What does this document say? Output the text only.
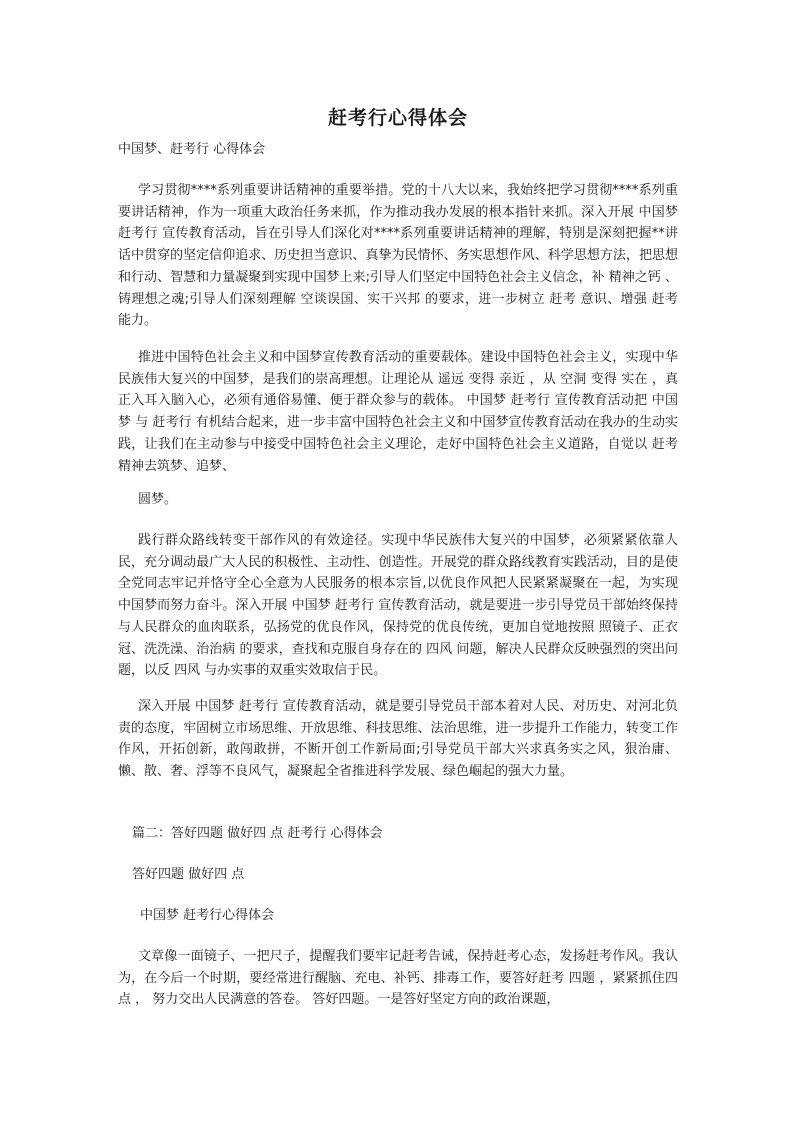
赶考行心得体会

中国梦、赶考行 心得体会

学习贯彻****系列重要讲话精神的重要举措。党的十八大以来，我始终把学习贯彻****系列重要讲话精神，作为一项重大政治任务来抓，作为推动我办发展的根本指针来抓。深入开展 中国梦 赶考行 宣传教育活动，旨在引导人们深化对****系列重要讲话精神的理解，特别是深刻把握**讲话中贯穿的坚定信仰追求、历史担当意识、真挚为民情怀、务实思想作风、科学思想方法，把思想和行动、智慧和力量凝聚到实现中国梦上来;引导人们坚定中国特色社会主义信念，补 精神之钙 、铸理想之魂;引导人们深刻理解 空谈误国、实干兴邦 的要求，进一步树立 赶考 意识、增强 赶考 能力。

推进中国特色社会主义和中国梦宣传教育活动的重要载体。建设中国特色社会主义，实现中华民族伟大复兴的中国梦，是我们的崇高理想。让理论从 遥远 变得 亲近 ，从 空洞 变得 实在 ，真正入耳入脑入心，必须有通俗易懂、便于群众参与的载体。 中国梦 赶考行 宣传教育活动把 中国梦 与 赶考行 有机结合起来，进一步丰富中国特色社会主义和中国梦宣传教育活动在我办的生动实践，让我们在主动参与中接受中国特色社会主义理论，走好中国特色社会主义道路，自觉以 赶考 精神去筑梦、追梦、

圆梦。

践行群众路线转变干部作风的有效途径。实现中华民族伟大复兴的中国梦，必须紧紧依靠人民，充分调动最广大人民的积极性、主动性、创造性。开展党的群众路线教育实践活动，目的是使全党同志牢记并恪守全心全意为人民服务的根本宗旨,以优良作风把人民紧紧凝聚在一起，为实现中国梦而努力奋斗。深入开展 中国梦 赶考行 宣传教育活动，就是要进一步引导党员干部始终保持与人民群众的血肉联系，弘扬党的优良作风，保持党的优良传统，更加自觉地按照 照镜子、正衣冠、洗洗澡、治治病 的要求，查找和克服自身存在的 四风 问题，解决人民群众反映强烈的突出问题，以反 四风 与办实事的双重实效取信于民。

深入开展 中国梦 赶考行 宣传教育活动，就是要引导党员干部本着对人民、对历史、对河北负责的态度，牢固树立市场思维、开放思维、科技思维、法治思维，进一步提升工作能力，转变工作作风，开拓创新，敢闯敢拼，不断开创工作新局面;引导党员干部大兴求真务实之风，狠治庸、懒、散、奢、浮等不良风气，凝聚起全省推进科学发展、绿色崛起的强大力量。

篇二：答好四题 做好四 点 赶考行 心得体会

答好四题 做好四 点

中国梦 赶考行心得体会

文章像一面镜子、一把尺子，提醒我们要牢记赶考告诫，保持赶考心态，发扬赶考作风。我认为，在今后一个时期，要经常进行醒脑、充电、补钙、排毒工作，要答好赶考 四题 ，紧紧抓住四 点 ， 努力交出人民满意的答卷。 答好四题。一是答好坚定方向的政治课题，
